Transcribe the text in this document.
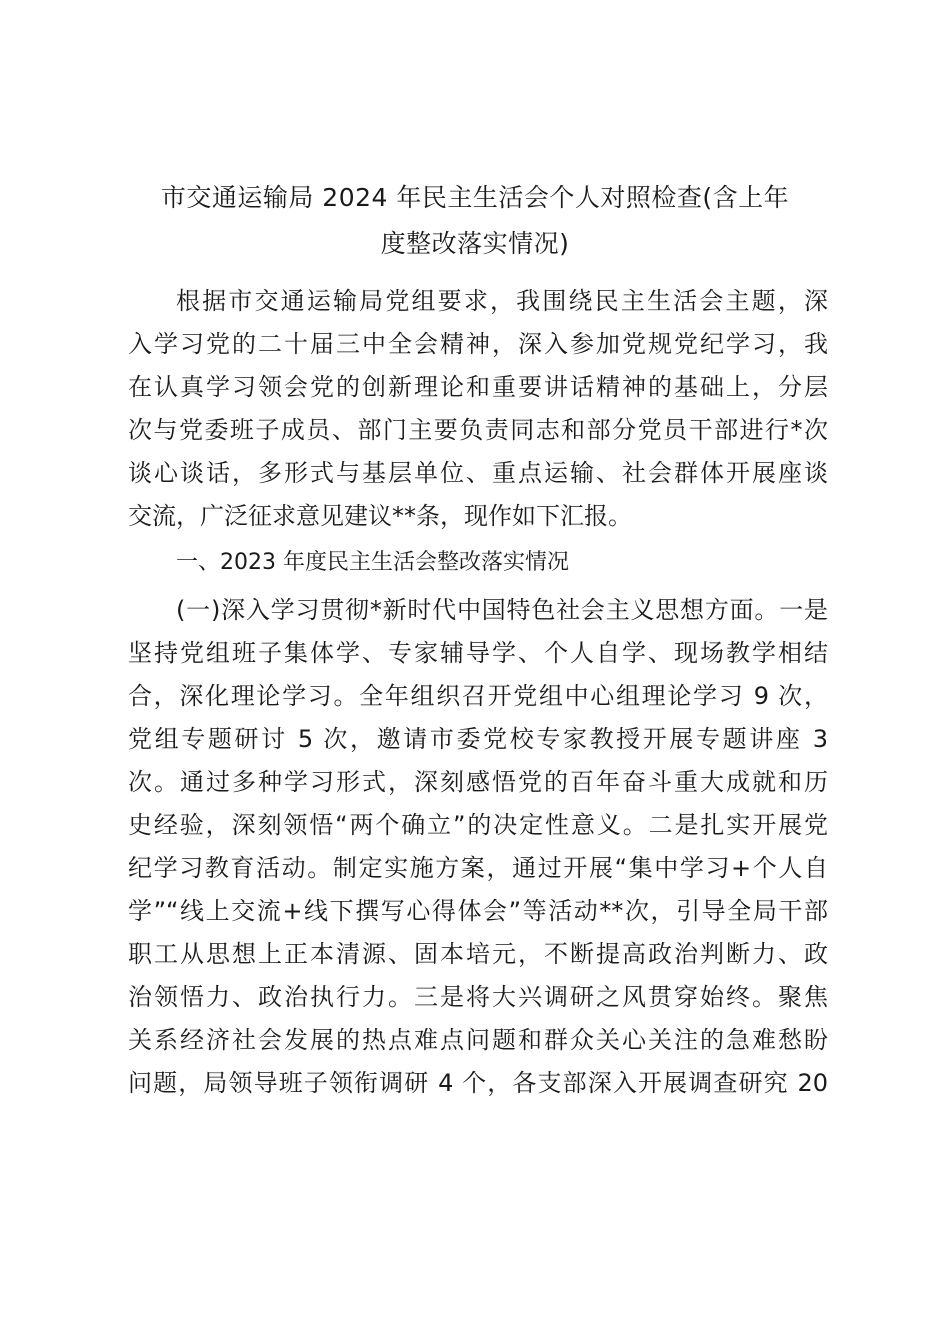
市交通运输局 2024 年民主生活会个人对照检查(含上年
度整改落实情况)
根据市交通运输局党组要求，我围绕民主生活会主题，深
入学习党的二十届三中全会精神，深入参加党规党纪学习，我
在认真学习领会党的创新理论和重要讲话精神的基础上，分层
次与党委班子成员、部门主要负责同志和部分党员干部进行*次
谈心谈话，多形式与基层单位、重点运输、社会群体开展座谈
交流，广泛征求意见建议**条，现作如下汇报。
一、2023 年度民主生活会整改落实情况
(一)深入学习贯彻*新时代中国特色社会主义思想方面。一是
坚持党组班子集体学、专家辅导学、个人自学、现场教学相结
合，深化理论学习。全年组织召开党组中心组理论学习 9 次，
党组专题研讨 5 次，邀请市委党校专家教授开展专题讲座 3
次。通过多种学习形式，深刻感悟党的百年奋斗重大成就和历
史经验，深刻领悟“两个确立”的决定性意义。二是扎实开展党
纪学习教育活动。制定实施方案，通过开展“集中学习+个人自
学”“线上交流+线下撰写心得体会”等活动**次，引导全局干部
职工从思想上正本清源、固本培元，不断提高政治判断力、政
治领悟力、政治执行力。三是将大兴调研之风贯穿始终。聚焦
关系经济社会发展的热点难点问题和群众关心关注的急难愁盼
问题，局领导班子领衔调研 4 个，各支部深入开展调查研究 20
